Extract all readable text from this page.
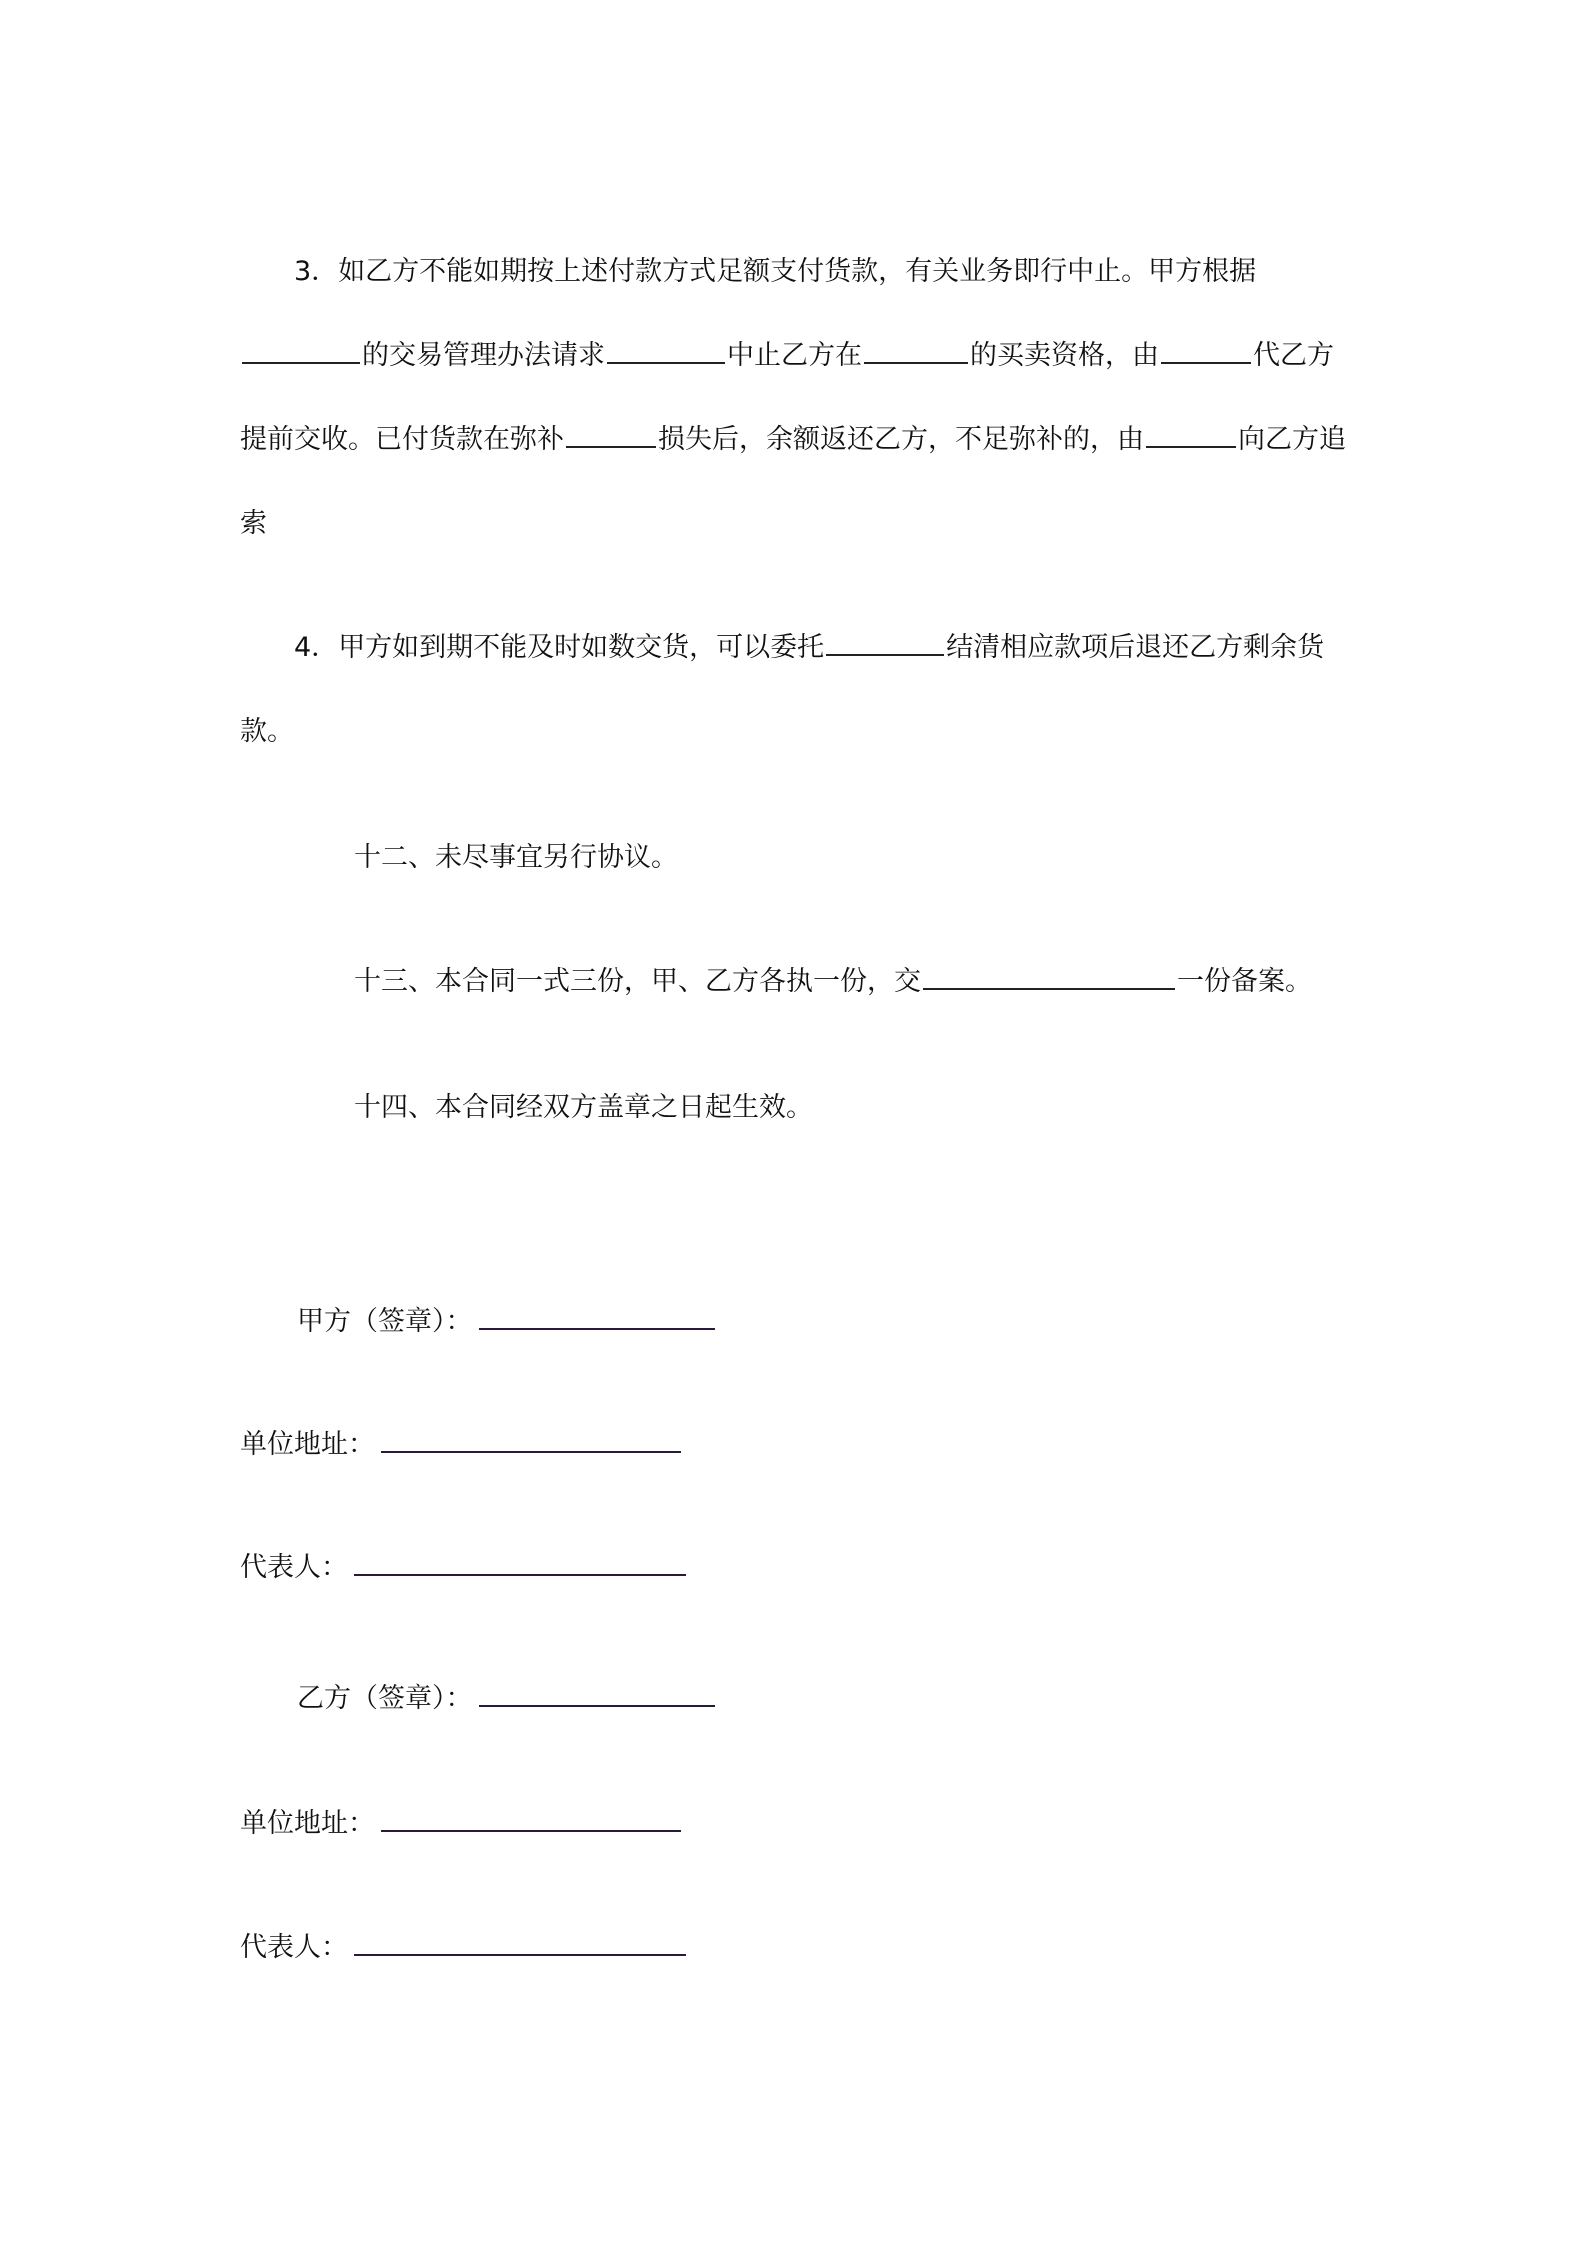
3．如乙方不能如期按上述付款方式足额支付货款，有关业务即行中止。甲方根据的交易管理办法请求	中止乙方在	的买卖资格，由	代乙方提前交收。已付货款在弥补	损失后，余额返还乙方，不足弥补的，由	向乙方追索
4．甲方如到期不能及时如数交货，可以委托	结清相应款项后退还乙方剩余货款。
十二、未尽事宜另行协议。
十三、本合同一式三份，甲、乙方各执一份，交	一份备案。
十四、本合同经双方盖章之日起生效。
甲方（签章）：
单位地址：
代表人：
乙方（签章）：
单位地址：
代表人：
